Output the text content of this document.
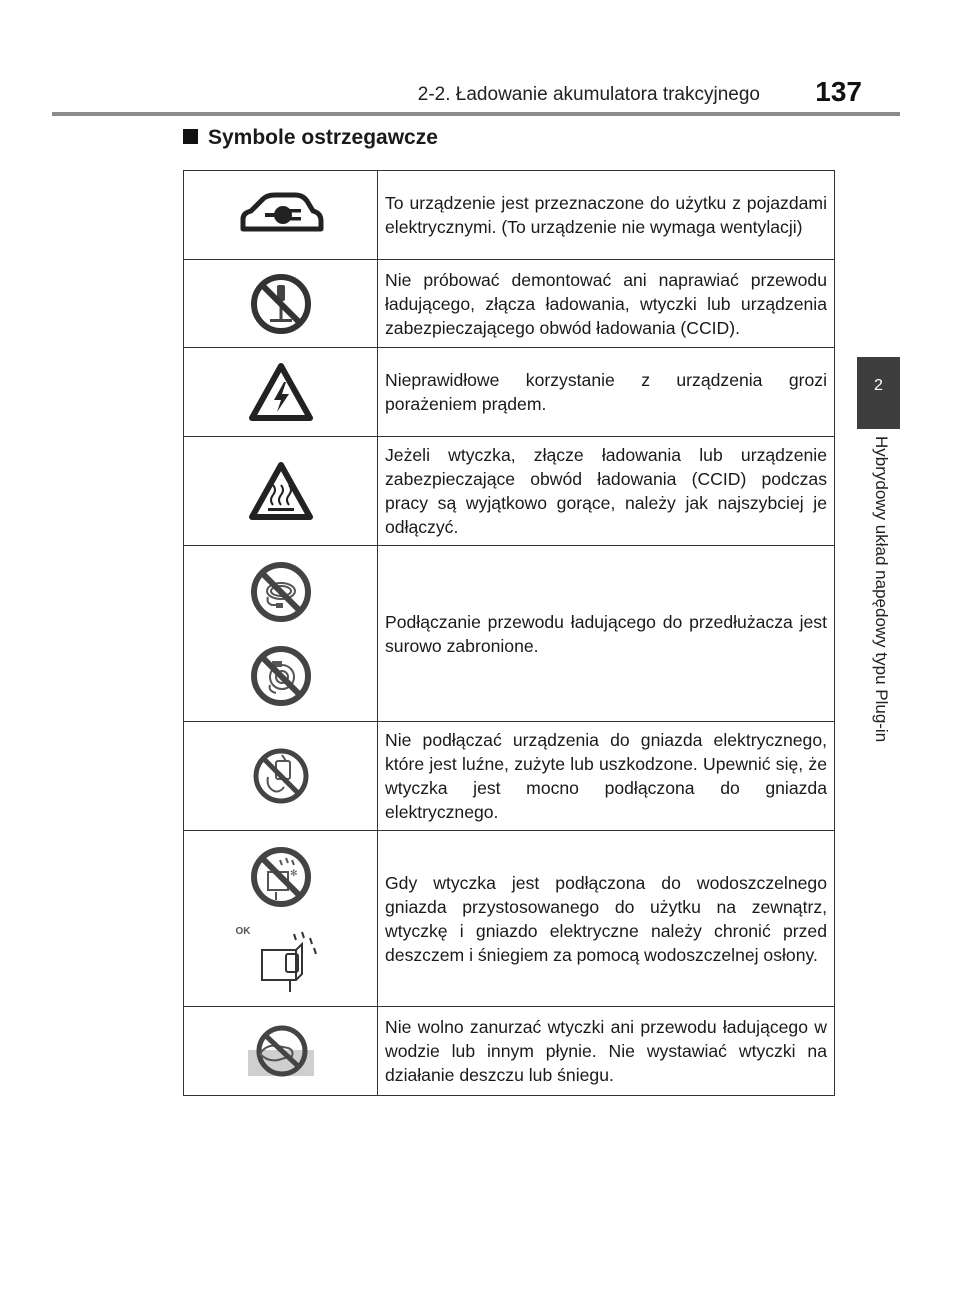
2-2. Ładowanie akumulatora trakcyjnego	137
Symbole ostrzegawcze
2
Hybrydowy układ napędowy typu Plug-in
	To urządzenie jest przeznaczone do użytku z pojazdami elektrycznymi. (To urządzenie nie wymaga wentylacji)

	Nie próbować demontować ani naprawiać przewodu ładującego, złącza ładowania, wtyczki lub urządzenia zabezpieczającego obwód ładowania (CCID).

	Nieprawidłowe korzystanie z urządzenia grozi porażeniem prądem.

	Jeżeli wtyczka, złącze ładowania lub urządzenie zabezpieczające obwód ładowania (CCID) podczas pracy są wyjątkowo gorące, należy jak najszybciej je odłączyć.

	Podłączanie przewodu ładującego do przedłużacza jest surowo zabronione.

	Nie podłączać urządzenia do gniazda elektrycznego, które jest luźne, zużyte lub uszkodzone. Upewnić się, że wtyczka jest mocno podłączona do gniazda elektrycznego.

✻
OK	Gdy wtyczka jest podłączona do wodoszczelnego gniazda przystosowanego do użytku na zewnątrz, wtyczkę i gniazdo elektryczne należy chronić przed deszczem i śniegiem za pomocą wodoszczelnej osłony.

	Nie wolno zanurzać wtyczki ani przewodu ładującego w wodzie lub innym płynie. Nie wystawiać wtyczki na działanie deszczu lub śniegu.
